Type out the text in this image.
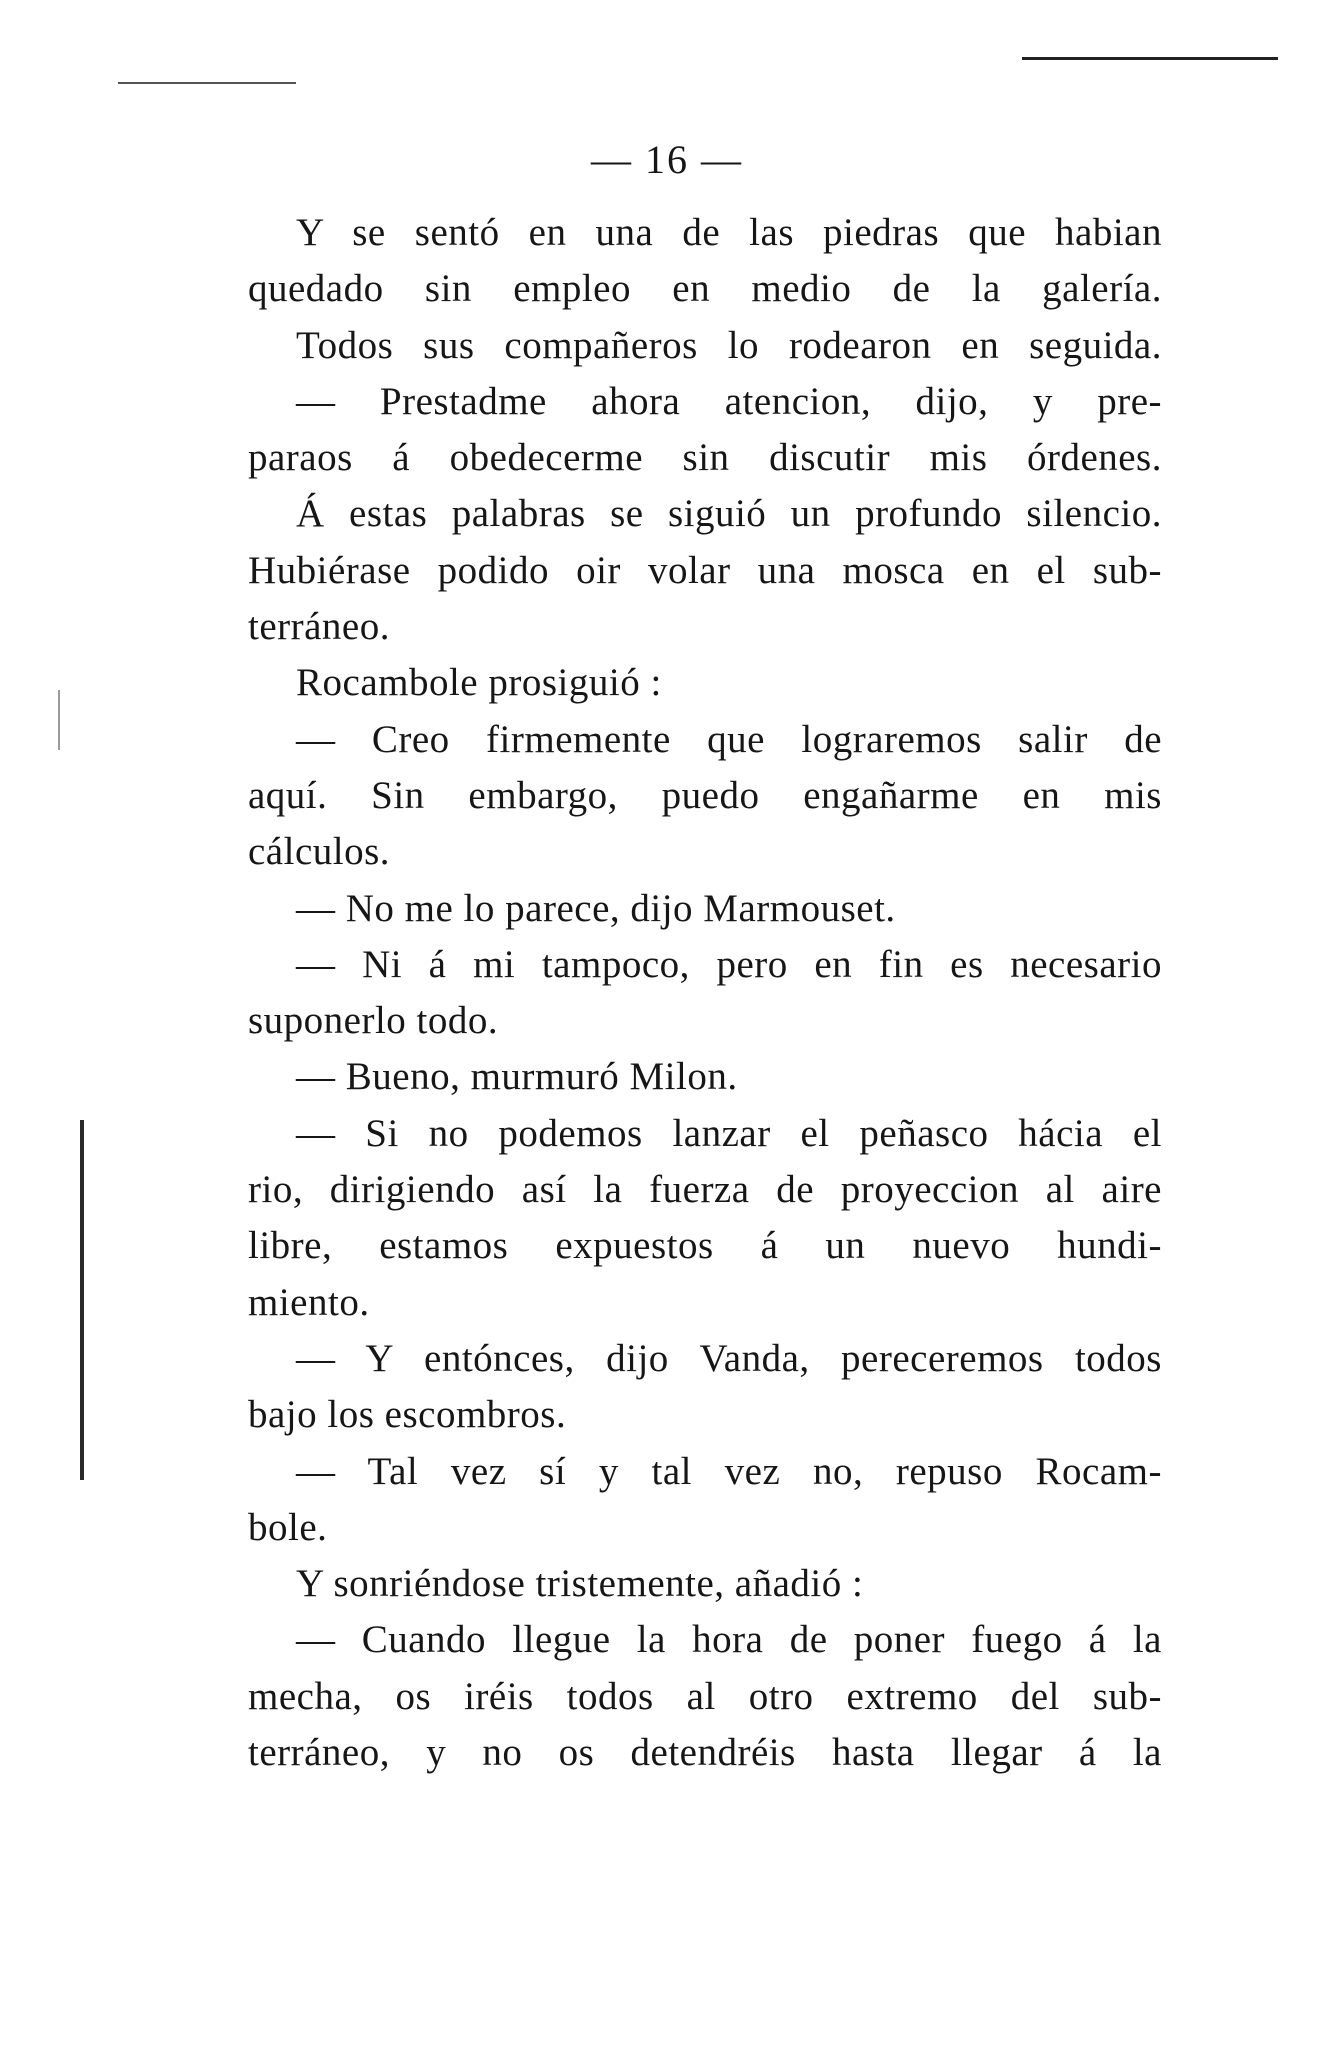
— 16 —
Y se sentó en una de las piedras que habian
quedado sin empleo en medio de la galería.
Todos sus compañeros lo rodearon en seguida.
— Prestadme ahora atencion, dijo, y pre-
paraos á obedecerme sin discutir mis órdenes.
Á estas palabras se siguió un profundo silencio.
Hubiérase podido oir volar una mosca en el sub-
terráneo.
Rocambole prosiguió :
— Creo firmemente que lograremos salir de
aquí. Sin embargo, puedo engañarme en mis
cálculos.
— No me lo parece, dijo Marmouset.
— Ni á mi tampoco, pero en fin es necesario
suponerlo todo.
— Bueno, murmuró Milon.
— Si no podemos lanzar el peñasco hácia el
rio, dirigiendo así la fuerza de proyeccion al aire
libre, estamos expuestos á un nuevo hundi-
miento.
— Y entónces, dijo Vanda, pereceremos todos
bajo los escombros.
— Tal vez sí y tal vez no, repuso Rocam-
bole.
Y sonriéndose tristemente, añadió :
— Cuando llegue la hora de poner fuego á la
mecha, os iréis todos al otro extremo del sub-
terráneo, y no os detendréis hasta llegar á la
